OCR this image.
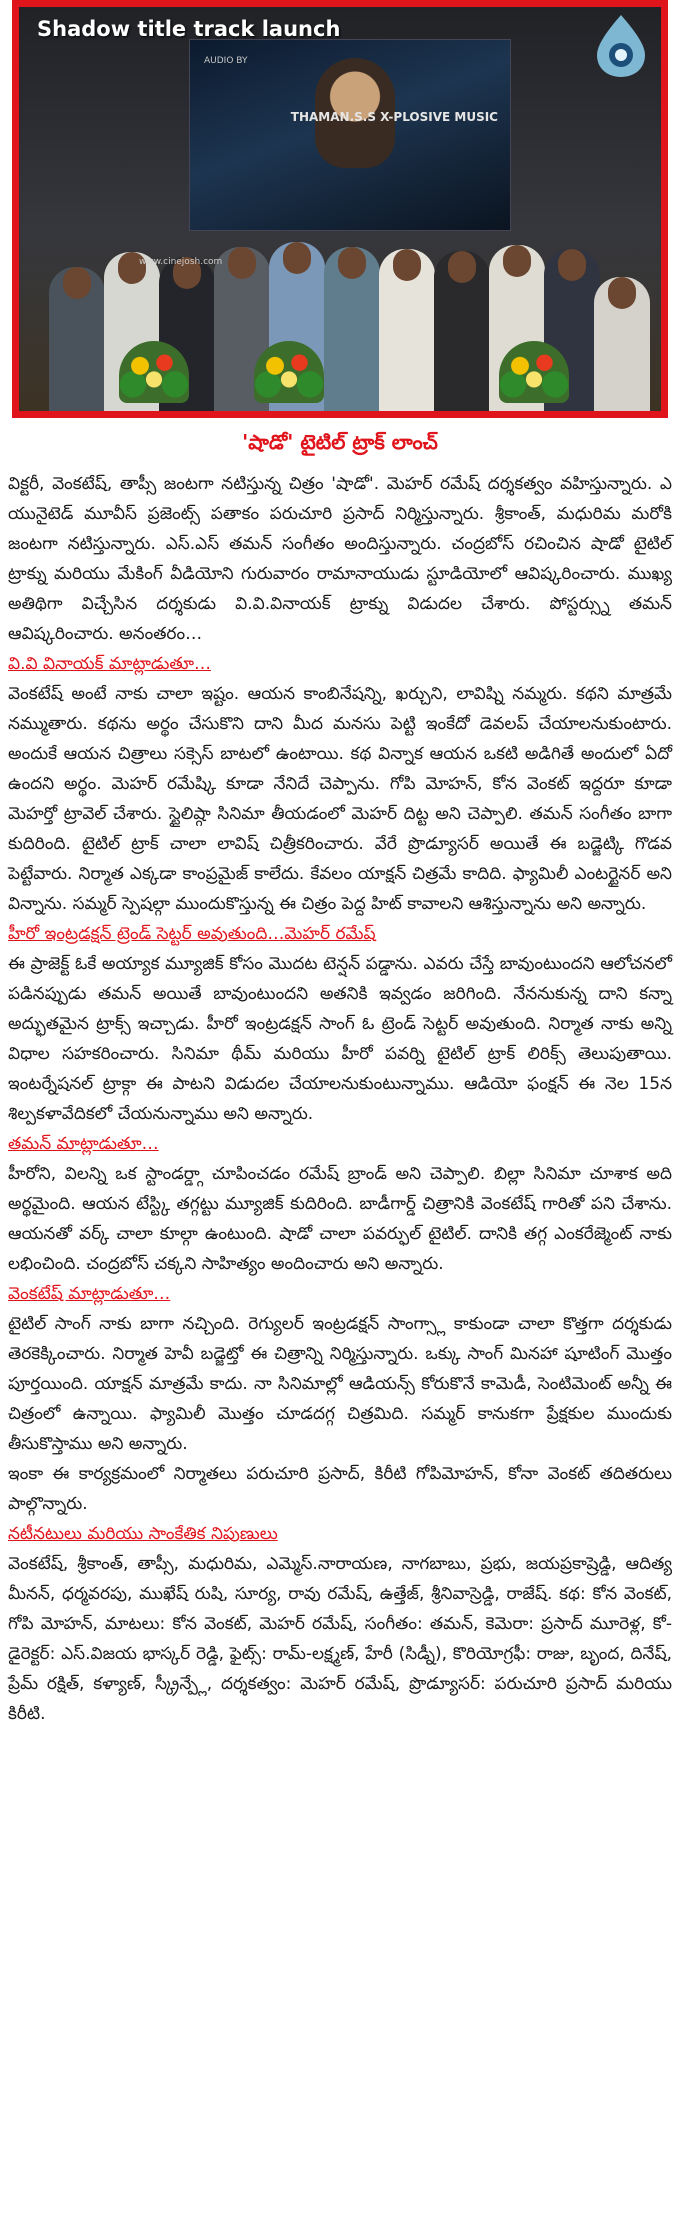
AUDIO BY
THAMAN.S.S X-PLOSIVE MUSIC
Shadow title track launch
www.cinejosh.com
'షాడో' టైటిల్ ట్రాక్ లాంచ్

విక్టరీ, వెంకటేష్, తాప్సీ జంటగా నటిస్తున్న చిత్రం 'షాడో'. మెహర్ రమేష్ దర్శకత్వం వహిస్తున్నారు. ఎ యునైటెడ్ మూవీస్ ప్రజెంట్స్ పతాకం పరుచూరి ప్రసాద్ నిర్మిస్తున్నారు. శ్రీకాంత్, మధురిమ మరోకి జంటగా నటిస్తున్నారు. ఎస్.ఎస్ తమన్ సంగీతం అందిస్తున్నారు. చంద్రబోస్ రచించిన షాడో టైటిల్ ట్రాక్ను మరియు మేకింగ్ వీడియోని గురువారం రామానాయుడు స్టూడియోలో ఆవిష్కరించారు. ముఖ్య అతిథిగా విచ్చేసిన దర్శకుడు వి.వి.వినాయక్ ట్రాక్ను విడుదల చేశారు. పోస్టర్స్ను తమన్ ఆవిష్కరించారు. అనంతరం…

వి.వి వినాయక్ మాట్లాడుతూ…

వెంకటేష్ అంటే నాకు చాలా ఇష్టం. ఆయన కాంబినేషన్ని, ఖర్చుని, లావిష్ని నమ్మరు. కథని మాత్రమే నమ్ముతారు. కథను అర్థం చేసుకొని దాని మీద మనసు పెట్టి ఇంకేదో డెవలప్ చేయాలనుకుంటారు. అందుకే ఆయన చిత్రాలు సక్సెస్ బాటలో ఉంటాయి. కథ విన్నాక ఆయన ఒకటి అడిగితే అందులో ఏదో ఉందని అర్థం. మెహర్ రమేష్కి కూడా నేనిదే చెప్పాను. గోపి మోహన్, కోన వెంకట్ ఇద్దరూ కూడా మెహర్తో ట్రావెల్ చేశారు. స్టైలిష్గా సినిమా తీయడంలో మెహర్ దిట్ట అని చెప్పాలి. తమన్ సంగీతం బాగా కుదిరింది. టైటిల్ ట్రాక్ చాలా లావిష్ చిత్రీకరించారు. వేరే ప్రొడ్యూసర్ అయితే ఈ బడ్జెట్కి గొడవ పెట్టేవారు. నిర్మాత ఎక్కడా కాంప్రమైజ్ కాలేదు. కేవలం యాక్షన్ చిత్రమే కాదిది. ఫ్యామిలీ ఎంటర్టైనర్ అని విన్నాను. సమ్మర్ స్పెషల్గా ముందుకొస్తున్న ఈ చిత్రం పెద్ద హిట్ కావాలని ఆశిస్తున్నాను అని అన్నారు.

హీరో ఇంట్రడక్షన్ ట్రెండ్ సెట్టర్ అవుతుంది…మెహర్ రమేష్

ఈ ప్రాజెక్ట్ ఓకే అయ్యాక మ్యూజిక్ కోసం మొదట టెన్షన్ పడ్డాను. ఎవరు చేస్తే బావుంటుందని ఆలోచనలో పడినప్పుడు తమన్ అయితే బావుంటుందని అతనికి ఇవ్వడం జరిగింది. నేననుకున్న దాని కన్నా అద్భుతమైన ట్రాక్స్ ఇచ్చాడు. హీరో ఇంట్రడక్షన్ సాంగ్ ఓ ట్రెండ్ సెట్టర్ అవుతుంది. నిర్మాత నాకు అన్ని విధాల సహకరించారు. సినిమా థీమ్ మరియు హీరో పవర్ని టైటిల్ ట్రాక్ లిరిక్స్ తెలుపుతాయి. ఇంటర్నేషనల్ ట్రాక్గా ఈ పాటని విడుదల చేయాలనుకుంటున్నాము. ఆడియో ఫంక్షన్ ఈ నెల 15న శిల్పకళావేదికలో చేయనున్నాము అని అన్నారు.

తమన్ మాట్లాడుతూ…

హీరోని, విలన్ని ఒక స్టాండర్డ్గా చూపించడం రమేష్ బ్రాండ్ అని చెప్పాలి. బిల్లా సినిమా చూశాక అది అర్థమైంది. ఆయన టేస్ట్కి తగ్గట్టు మ్యూజిక్ కుదిరింది. బాడీగార్డ్ చిత్రానికి వెంకటేష్ గారితో పని చేశాను. ఆయనతో వర్క్ చాలా కూల్గా ఉంటుంది. షాడో చాలా పవర్ఫుల్ టైటిల్. దానికి తగ్గ ఎంకరేజ్మెంట్ నాకు లభించింది. చంద్రబోస్ చక్కని సాహిత్యం అందించారు అని అన్నారు.

వెంకటేష్ మాట్లాడుతూ…

టైటిల్ సాంగ్ నాకు బాగా నచ్చింది. రెగ్యులర్ ఇంట్రడక్షన్ సాంగ్స్లా కాకుండా చాలా కొత్తగా దర్శకుడు తెరకెక్కించారు. నిర్మాత హెవీ బడ్జెట్తో ఈ చిత్రాన్ని నిర్మిస్తున్నారు. ఒక్కు సాంగ్ మినహా షూటింగ్ మొత్తం పూర్తయింది. యాక్షన్ మాత్రమే కాదు. నా సినిమాల్లో ఆడియన్స్ కోరుకొనే కామెడీ, సెంటిమెంట్ అన్నీ ఈ చిత్రంలో ఉన్నాయి. ఫ్యామిలీ మొత్తం చూడదగ్గ చిత్రమిది. సమ్మర్ కానుకగా ప్రేక్షకుల ముందుకు తీసుకొస్తాము అని అన్నారు.

ఇంకా ఈ కార్యక్రమంలో నిర్మాతలు పరుచూరి ప్రసాద్, కిరీటి గోపిమోహన్, కోనా వెంకట్ తదితరులు పాల్గొన్నారు.

నటీనటులు మరియు సాంకేతిక నిపుణులు

వెంకటేష్, శ్రీకాంత్, తాప్సీ, మధురిమ, ఎమ్మెస్.నారాయణ, నాగబాబు, ప్రభు, జయప్రకాష్రెడ్డి, ఆదిత్య మీనన్, ధర్మవరపు, ముఖేష్ రుషి, సూర్య, రావు రమేష్, ఉత్తేజ్, శ్రీనివాస్రెడ్డి, రాజేష్. కథ: కోన వెంకట్, గోపి మోహన్, మాటలు: కోన వెంకట్, మెహర్ రమేష్, సంగీతం: తమన్, కెమెరా: ప్రసాద్ మూరెళ్ల, కో-డైరెక్టర్: ఎస్.విజయ భాస్కర్ రెడ్డి, ఫైట్స్: రామ్-లక్ష్మణ్, హేరీ (సిడ్నీ), కొరియోగ్రఫీ: రాజు, బృంద, దినేష్, ప్రేమ్ రక్షిత్, కళ్యాణ్, స్క్రీన్ప్లే, దర్శకత్వం: మెహర్ రమేష్, ప్రొడ్యూసర్: పరుచూరి ప్రసాద్ మరియు కిరీటి.
